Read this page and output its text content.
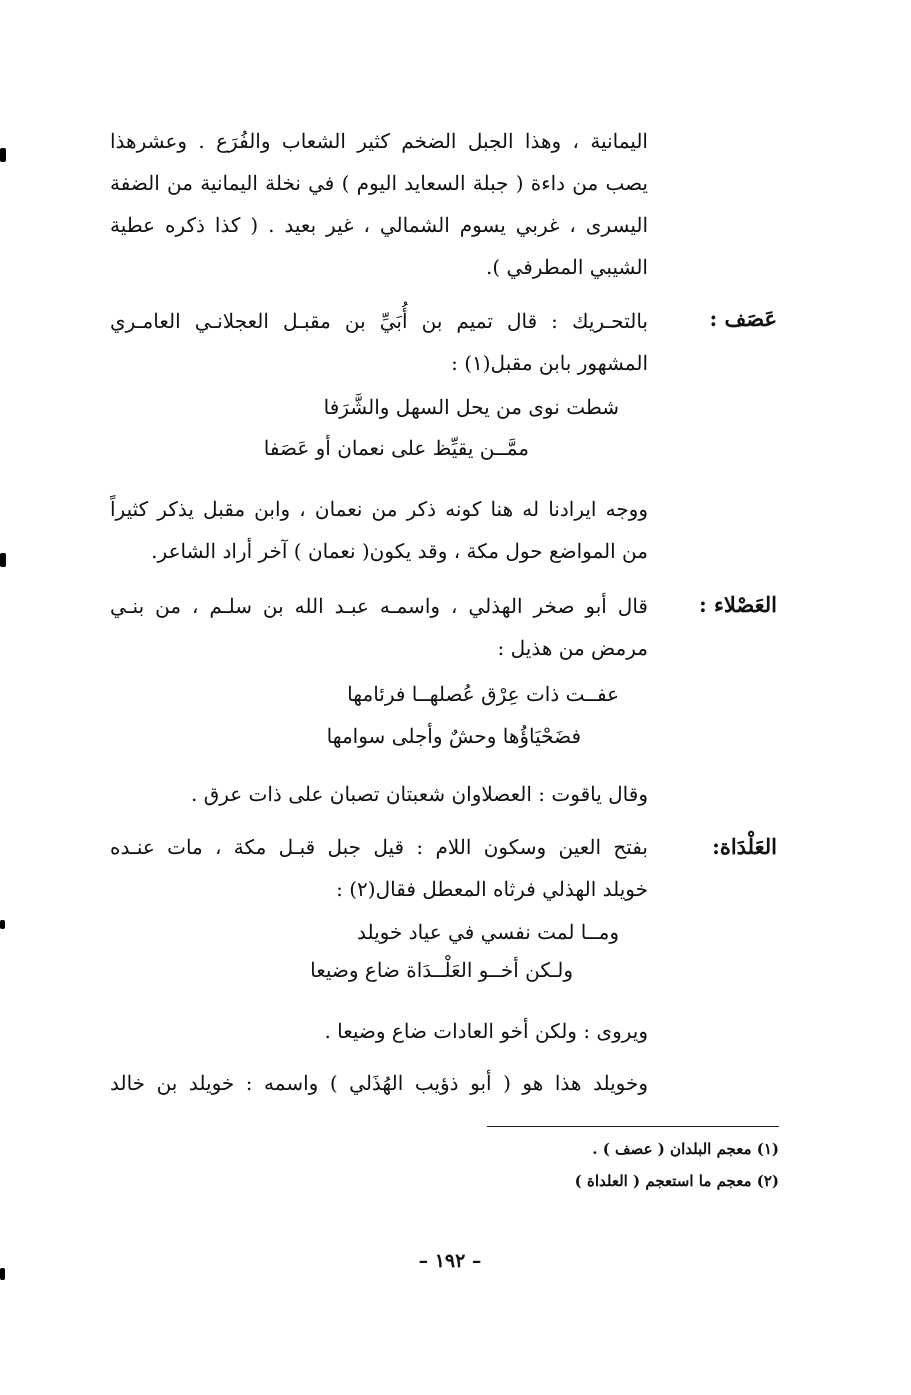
اليمانية ، وهذا الجبل الضخم كثير الشعاب والفُرَع . وعشرهذا
يصب من داءة ( جبلة السعايد اليوم ) في نخلة اليمانية من الضفة
اليسرى ، غربي يسوم الشمالي ، غير بعيد . ( كذا ذكره عطية
الشيبي المطرفي ).
عَصَف :
بالتحـريك : قال تميم بن أُبَيِّ بن مقبـل العجلانـي العامـري
المشهور بابن مقبل(١) :
شطت نوى من يحل السهل والشَّرَفا
ممَّــن يقيِّظ على نعمان أو عَصَفا
ووجه ايرادنا له هنا كونه ذكر من نعمان ، وابن مقبل يذكر كثيراً
من المواضع حول مكة ، وقد يكون( نعمان ) آخر أراد الشاعر.
العَصْلاء :
قال أبو صخر الهذلي ، واسمـه عبـد الله بن سلـم ، من بنـي
مرمض من هذيل :
عفــت ذات عِرْق عُصلهــا فرئامها
فضَحْيَاؤُها وحشٌ وأجلى سوامها
وقال ياقوت : العصلاوان شعبتان تصبان على ذات عرق .
العَلْدَاة:
بفتح العين وسكون اللام : قيل جبل قبـل مكة ، مات عنـده
خويلد الهذلي فرثاه المعطل فقال(٢) :
ومــا لمت نفسي في عياد خويلد
ولـكن أخــو العَلْــدَاة ضاع وضيعا
ويروى : ولكن أخو العادات ضاع وضيعا .
وخويلد هذا هو ( أبو ذؤيب الهُذَلي ) واسمه : خويلد بن خالد
(١) معجم البلدان ( عصف ) .
(٢) معجم ما استعجم ( العلداة )
– ١٩٢ –
